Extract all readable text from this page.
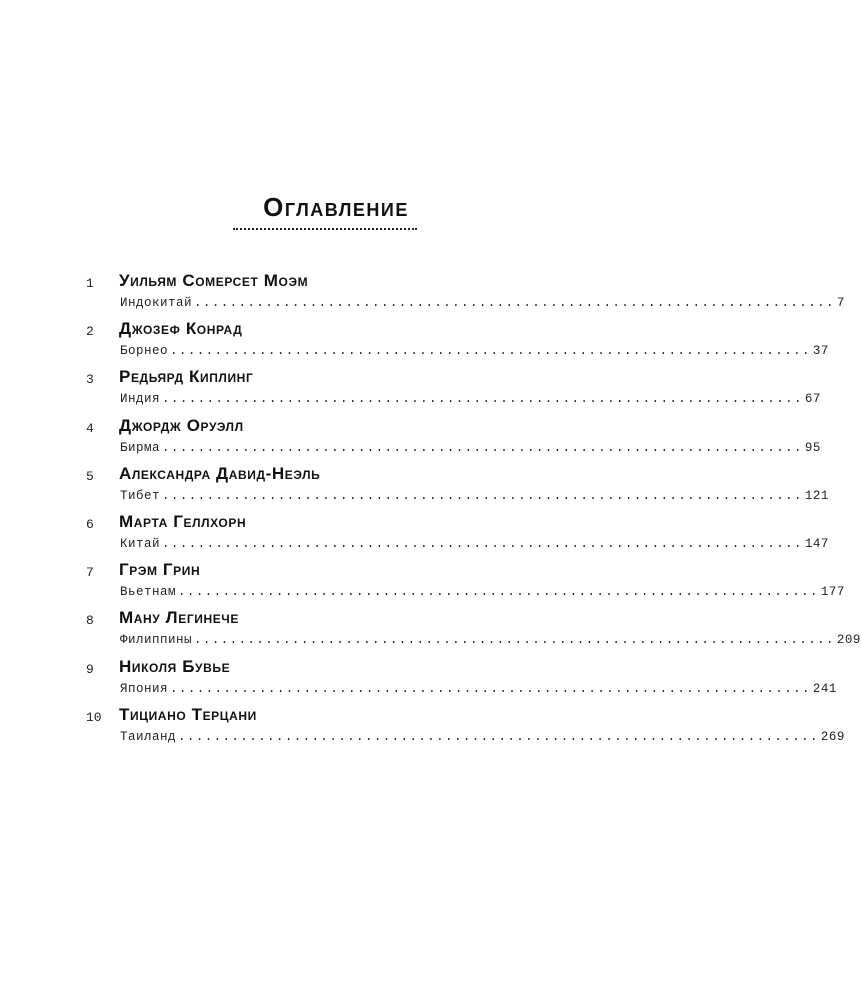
Оглавление
1	Уильям Сомерсет Моэм
Индокитай ........................................................................ 7
2	Джозеф Конрад
Борнео ........................................................................ 37
3	Редьярд Киплинг
Индия ........................................................................ 67
4	Джордж Оруэлл
Бирма ........................................................................ 95
5	Александра Давид-Неэль
Тибет ........................................................................ 121
6	Марта Геллхорн
Китай ........................................................................ 147
7	Грэм Грин
Вьетнам ........................................................................ 177
8	Ману Легинече
Филиппины ........................................................................ 209
9	Николя Бувье
Япония ........................................................................ 241
10	Тициано Терцани
Таиланд ........................................................................ 269
